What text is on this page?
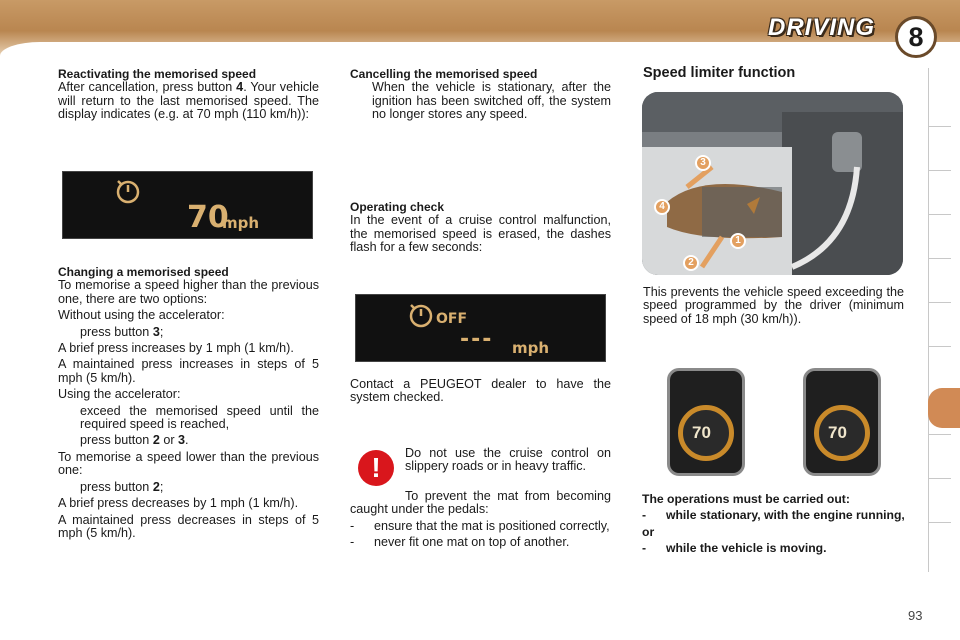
DRIVING	8

Reactivating the memorised speed

After cancellation, press button 4. Your vehicle will return to the last memorised speed. The display indicates (e.g. at 70 mph (110 km/h)):

70
mph

Changing a memorised speed

To memorise a speed higher than the previous one, there are two options:

Without using the accelerator:

press button 3;

A brief press increases by 1 mph (1 km/h).

A maintained press increases in steps of 5 mph (5 km/h).

Using the accelerator:

exceed the memorised speed until the required speed is reached,

press button 2 or 3.

To memorise a speed lower than the previous one:

press button 2;

A brief press decreases by 1 mph (1 km/h).

A maintained press decreases in steps of 5 mph (5 km/h).

Cancelling the memorised speed

When the vehicle is stationary, after the ignition has been switched off, the system no longer stores any speed.

Operating check

In the event of a cruise control malfunction, the memorised speed is erased, the dashes flash for a few seconds:

OFF
--- mph

Contact a PEUGEOT dealer to have the system checked.

!	Do not use the cruise control on slippery roads or in heavy traffic.

To prevent the mat from becoming caught under the pedals:

- ensure that the mat is positioned correctly,

- never fit one mat on top of another.

Speed limiter function

3
4
1
2

This prevents the vehicle speed exceeding the speed programmed by the driver (minimum speed of 18 mph (30 km/h)).

70	70

The operations must be carried out:

- while stationary, with the engine running,

or

- while the vehicle is moving.

93
